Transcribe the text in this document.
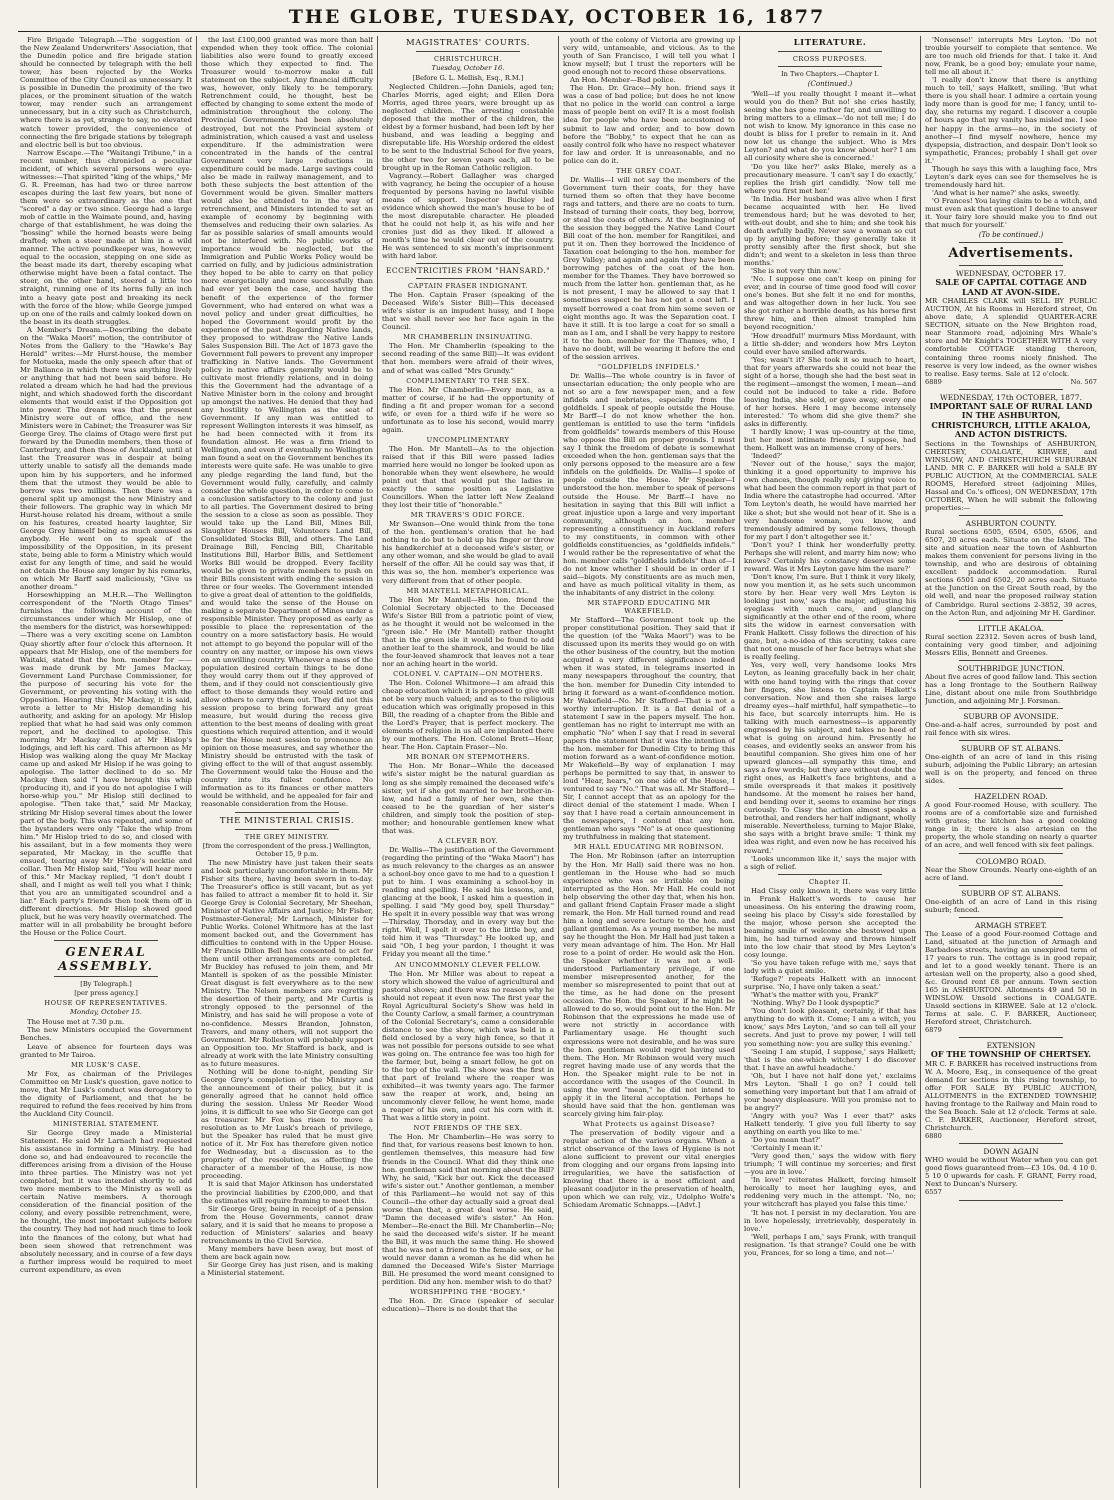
THE GLOBE, TUESDAY, OCTOBER 16, 1877

Fire Brigade Telegraph.—The suggestion of the New Zealand Underwriters' Association, that the Dunedin police and fire brigade station should be connected by telegraph with the bell tower, has been rejected by the Works Committee of the City Council as unnecessary. It is possible in Dunedin the proximity of the two places, or the prominent situation of the watch tower, may render such an arrangement unnecessary, but in a city such as Christchurch, where there is as yet, strange to say, no elevated watch tower provided, the convenience of connecting the fire brigade stations by telegraph and electric bell is but too obvious.

Narrow Escape.—The "Waitangi Tribune," in a recent number, thus chronicled a peculiar incident, of which several persons were eye-witnesses:—That spirited "king of the whips," Mr G. R. Freeman, has had two or three narrow escapes during the last few years, but none of them were so extraordinary as the one that "scored" a day or two since. George had a large mob of cattle in the Waimate pound, and, having charge of that establishment, he was doing the "bossing" while the horned beasts were being drafted; when a steer made at him in a wild manner. The active poundkeeper was, however, equal to the occasion, stepping on one side as the beast made its dart, thereby escaping what otherwise might have been a fatal contact. The steer, on the other hand, steered a little too straight, running one of its horns fully an inch into a heavy gate post and breaking its neck with the force of the blow; while George jumped up on one of the rails and calmly looked down on the beast in its death struggles.

A Member's Dream.—Describing the debate on the "Waka Maori" motion, the contributor of Notes from the Gallery to the "Hawke's Bay Herald" writes:—Mr Hurst-house, the member for Motueka, made the only speech after that of Mr Ballance in which there was anything lively or anything that had not been said before. He related a dream which he had had the previous night, and which shadowed forth the discordant elements that would exist if the Opposition got into power. The dream was that the present Ministry were out of office, and the new Ministers were in Cabinet; the Treasurer was Sir George Grey. The claims of Otago were first put forward by the Dunedin members, then those of Canterbury, and then those of Auckland, until at last the Treasurer was in despair at being utterly unable to satisfy all the demands made upon him by his supporters, and he informed them that the utmost they would be able to borrow was two millions. Then there was a general split up amongst the new Ministry and their followers. The graphic way in which Mr Hurst-house related his dream, without a smile on his features, created hearty laughter, Sir George Grey himself being as much amused as anybody. He went on to speak of the impossibility of the Opposition, in its present state, being able to form a Ministry which would exist for any length of time, and said he would not detain the House any longer by his remarks, on which Mr Barff said maliciously, "Give us another dream."

Horsewhipping an M.H.R.—The Wellington correspondent of the "North Otago Times" furnishes the following account of the circumstances under which Mr Hislop, one of the members for the district, was horsewhipped:—There was a very exciting scene on Lambton Quay shortly after four o'clock this afternoon. It appears that Mr Hislop, one of the members for Waitaki, stated that the hon. member for —— was made drunk by Mr James Mackay, Government Land Purchase Commissioner, for the purpose of securing his vote for the Government, or preventing his voting with the Opposition. Hearing this, Mr Mackay, it is said, wrote a letter to Mr Hislop demanding his authority, and asking for an apology. Mr Hislop replied that what he had said was only common report, and he declined to apologise. This morning Mr Mackay called at Mr Hislop's lodgings, and left his card. This afternoon as Mr Hislop was walking along the quay Mr Mackay came up and asked Mr Hislop if he was going to apologise. The latter declined to do so. Mr Mackay then said "I have brought this whip (producing it), and if you do not apologise I will horse-whip you." Mr Hislop still declined to apologise. "Then take that," said Mr Mackay, striking Mr Hislop several times about the lower part of the body. This was repeated, and some of the bystanders were only "Take the whip from him." Mr Hislop tried to do so, and closed with his assailant, but in a few moments they were separated, Mr Mackay, in the scuffle that ensued, tearing away Mr Hislop's necktie and collar. Then Mr Hislop said, "You will hear more of this." Mr Mackay replied, "I don't doubt I shall, and I might as well tell you what I think; that you are an unmitigated scoundrel and a liar." Each party's friends then took them off in different directions. Mr Hislop showed good pluck, but he was very heavily overmatched. The matter will in all probability be brought before the House or the Police Court.

GENERAL ASSEMBLY.
[By Telegraph.]
[per press agency.]
HOUSE OF REPRESENTATIVES.
Monday, October 15.

The House met at 7.30 p.m.

The new Ministers occupied the Government Benches.

Leave of absence for fourteen days was granted to Mr Tairoa.

MR LUSK'S CASE.

Mr Fox, as chairman of the Privileges Committee on Mr Lusk's question, gave notice to move, that Mr Lusk's conduct was derogatory to the dignity of Parliament, and that he be required to refund the fees received by him from the Auckland City Council.

MINISTERIAL STATEMENT.

Sir George Grey made a Ministerial Statement. He said Mr Larnach had requested his assistance in forming a Ministry. He had done so, and had endeavoured to reconcile the differences arising from a division of the House into three parties. The Ministry was not yet completed, but it was intended shortly to add two more members to the Ministry as well as certain Native members. A thorough consideration of the financial position of the colony, and every possible retrenchment, were, he thought, the most important subjects before the country. They had not had much time to look into the finances of the colony, but what had been seen showed that retrenchment was absolutely necessary, and in course of a few days a further impress would be required to meet current expenditure, as even

the last £100,000 granted was more than half expended when they took office. The colonial liabilities also were found to greatly exceed those which they expected to find. The Treasurer would to-morrow make a full statement on the subject. Any financial difficulty was, however, only likely to be temporary. Retrenchment could, he thought, best be effected by changing to some extent the mode of administration throughout the colony. The Provincial Governments had been absolutely destroyed, but not the Provincial system of administration, which caused a vast and useless expenditure. If the administration were concentrated in the hands of the central Government very large reductions in expenditure could be made. Large savings could also be made in railway management, and to both these subjects the best attention of the Government would be given. Smaller matters would also be attended to in the way of retrenchment, and Ministers intended to set an example of economy by beginning with themselves and reducing their own salaries. As far as possible salaries of small amounts would not be interfered with. No public works of importance would be neglected, but the Immigration and Public Works Policy would be carried on fully, and by judicious administration they hoped to be able to carry on that policy more energetically and more successfully than had ever yet been the case, and having the benefit of the experience of the former Government, who had entered on what was a novel policy and under great difficulties, he hoped the Government would profit by the experience of the past. Regarding Native lands, they proposed to withdraw the Native Lands Sales Suspension Bill. The Act of 1873 gave the Government full powers to prevent any improper trafficking in Native lands. The Government policy in native affairs generally would be to cultivate most friendly relations, and in doing this the Government had the advantage of a Native Minister born in the colony and brought up amongst the natives. He denied that they had any hostility to Wellington as the seat of Government. If any man was entitled to represent Wellington interests it was himself, as he had been connected with it from its foundation almost. He was a firm friend to Wellington, and even if eventually no Wellington man found a seat on the Government benches its interests were quite safe. He was unable to give any pledge regarding the land fund, but the Government would fully, carefully, and calmly consider the whole question, in order to come to a conclusion satisfactory to the colony and just to all parties. The Government desired to bring the session to a close as soon as possible. They would take up the Land Bill, Mines Bill, Slaughter Houses Bill, Volunteers Land Bill, Consolidated Stocks Bill, and others. The Land Drainage Bill, Fencing Bill, Charitable Institutions Bill, Harbor Bills, and Settlement Works Bill would be dropped. Every facility would be given to private members to push on their Bills consistent with ending the session in three or four weeks. The Government intended to give a great deal of attention to the goldfields, and would take the sense of the House on making a separate Department of Mines under a responsible Minister. They proposed as early as possible to place the representation of the country on a more satisfactory basis. He would not attempt to go beyond the popular will of the country on any matter, or impose his own views on an unwilling country. Whenever a mass of the population desired certain things to be done they would carry them out if they approved of them, and if they could not conscientiously give effect to those demands they would retire and allow others to carry them out. They did not this session propose to bring forward any great measure, but would during the recess give attention to the best means of dealing with great questions which required attention, and it would be for the House next session to pronounce an opinion on those measures, and say whether the Ministry should be entrusted with the task of giving effect to the will of that august assembly. The Government would take the House and the country into its fullest confidence. No information as to its finances or other matters would be withheld, and he appealed for fair and reasonable consideration from the House.

THE MINISTERIAL CRISIS.
THE GREY MINISTRY.
[from the correspondent of the press.] Wellington, October 15, 9 p.m.

The new Ministry have just taken their seats and look particularly uncomfortable in them. Mr Fisher sits there, having been sworn in to-day. The Treasurer's office is still vacant, but as yet has failed to attract a member fit to hold it. Sir George Grey is Colonial Secretary, Mr Sheehan, Minister of Native Affairs and Justice; Mr Fisher, Postmaster-General; Mr Larnach, Minister for Public Works. Colonel Whitmore has at the last moment backed out, and the Government has difficulties to contend with in the Upper House. Mr Francis Dillon Bell has consented to act for them until other arrangements are completed. Mr Buckley has refused to join them, and Mr Mantell is spoken of as the possible Minister. Great disgust is felt everywhere as to the new Ministry. The Nelson members are regretting the desertion of their party, and Mr Curtis is strongly opposed to the personnel of the Ministry, and has said he will propose a vote of no-confidence. Messrs Brandon, Johnston, Travers, and many others, will not support the Government. Mr Rolleston will probably support an Opposition too. Mr Stafford is back, and is already at work with the late Ministry consulting as to future measures.

Nothing will be done to-night, pending Sir George Grey's completion of the Ministry and the announcement of their policy, but it is generally agreed that he cannot hold office during the session. Unless Mr Reeder Wood joins, it is difficult to see who Sir George can get as treasurer. Mr Fox has risen to move a resolution as to Mr Lusk's breach of privilege, but the Speaker has ruled that he must give notice of it. Mr Fox has therefore given notice for Wednesday, but a discussion as to the propriety of the resolution, as affecting the character of a member of the House, is now proceeding.

It is said that Major Atkinson has understated the provincial liabilities by £200,000, and that the estimates will require framing to meet this.

Sir George Grey, being in receipt of a pension from the House Governments, cannot draw salary, and it is said that he means to propose a reduction of Ministers' salaries and heavy retrenchments in the Civil Service.

Many members have been away, but most of them are back again now.

Sir George Grey has just risen, and is making a Ministerial statement.

MAGISTRATES' COURTS.
CHRISTCHURCH.
Tuesday, October 16.
[Before G. L. Mellish, Esq., R.M.]

Neglected Children.—John Daniels, aged ten; Charles Morris, aged eight; and Ellen Dora Morris, aged three years, were brought up as neglected children. The arresting constable deposed that the mother of the children, the eldest by a former husband, had been left by her husband, and was leading a begging and disreputable life. His Worship ordered the eldest to be sent to the Industrial School for five years, the other two for seven years each, all to be brought up in the Roman Catholic religion.

Vagrancy.—Robert Gallagher was charged with vagrancy, he being the occupier of a house frequented by persons having no lawful visible means of support. Inspector Buckley led evidence which showed the man's house to be of the most disreputable character. He pleaded that he could not help it, as his wife and her cronies just did as they liked. If allowed a month's time he would clear out of the country. He was sentenced to six month's imprisonment with hard labor.

ECCENTRICITIES FROM "HANSARD."
CAPTAIN FRASER INDIGNANT.

The Hon. Captain Fraser (speaking of the Deceased Wife's Sister Bill)—This deceased wife's sister is an impudent hussy, and I hope that we shall never see her face again in the Council.

MR CHAMBERLIN INSINUATING.

The Hon. Mr Chamberlin (speaking to the second reading of the same Bill)—It was evident that hon. members were afraid of their wives, and of what was called "Mrs Grundy."

COMPLIMENTARY TO THE SEX.

The Hon. Mr Chamberlin—Every man, as a matter of course, if he had the opportunity of finding a fit and proper woman for a second wife, or even for a third wife if he were so unfortunate as to lose his second, would marry again.

UNCOMPLIMENTARY

The Hon. Mr Mantell—As to the objection raised that if this Bill were passed ladies married here would no longer be looked upon as honorable when they went elsewhere, he would point out that that would put the ladies in exactly the same position as Legislative Councillors. When the latter left New Zealand they lost their title of "honorable."

MR TRAVERS'S ODIC FORCE.

Mr Swanson—One would think from the tone of the hon. gentleman's oration that he had nothing to do but to hold up his finger or throw his handkerchief at a deceased wife's sister, or any other woman, and she would be glad to avail herself of the offer. All he could say was that, if this was so, the hon. member's experience was very different from that of other people.

MR MANTELL METAPHORICAL.

The Hon Mr Mantell—His hon. friend the Colonial Secretary objected to the Deceased Wife's Sister Bill from a patriotic point of view, as he thought it would not be welcomed in the "green isle." He (Mr Mantell) rather thought that in the green isle it would be found to add another leaf to the shamrock, and would be like the four-leaved shamrock that leaves not a tear nor an aching heart in the world.

COLONEL V. CAPTAIN—ON MOTHERS.

The Hon. Colonel Whitmore—I am afraid this cheap education which it is proposed to give will not be very much valued; and as to the religious education which was originally proposed in this Bill, the reading of a chapter from the Bible and the Lord's Prayer, that is perfect mockery. The elements of religion in us all are implanted there by our mothers. The Hon. Colonel Brett—Hear, hear. The Hon. Captain Fraser—No.

MR BONAR ON STEPMOTHERS.

The Hon. Mr Bonar—While the deceased wife's sister might be the natural guardian as long as she simply remained the deceased wife's sister, yet if she got married to her brother-in-law, and had a family of her own, she then ceased to be the guardian of her sister's children, and simply took the position of step-mother; and honourable gentlemen knew what that was.

A CLEVER BOY.

Dr. Wallis—The justification of the Government (regarding the printing of the "Waka Maori") has as much relevancy to the charges as an answer a school-boy once gave to me had to a question I put to him. I was examining a school-boy in reading and spelling. He said his lessons, and, glancing at the book, I asked him a question in spelling. I said "My good boy, spell Thursday." He spelt it in every possible way that was wrong—Thirsday, Thorsday, and in every way but the right. Well, I spelt it over to the little boy, and told him it was "Thursday." He looked up, and said "Oh, I beg your pardon, I thought it was Friday you meant all the time."

AN UNCOMMONLY CLEVER FELLOW.

The Hon. Mr Miller was about to repeat a story which showed the value of agricultural and pastoral shows; and there was no reason why he should not repeat it even now. The first year the Royal Agricultural Society's Show was held in the County Carlow, a small farmer, a countryman of the Colonial Secretary's, came a considerable distance to see the show, which was held in a field enclosed by a very high fence, so that it was not possible for persons outside to see what was going on. The entrance fee was too high for the farmer, but, being a smart fellow, he got on to the top of the wall. The show was the first in that part of Ireland where the reaper was exhibited—it was twenty years ago. The farmer saw the reaper at work, and, being an uncommonly clever fellow, he went home, made a reaper of his own, and cut his corn with it. That was a little story in point.

NOT FRIENDS OF THE SEX.

The Hon. Mr Chamberlin—He was sorry to find that, for various reasons best known to hon. gentlemen themselves, this measure had few friends in the Council. What did they think one hon. gentleman said that morning about the Bill? Why, he said, "Kick her out. Kick the deceased wife's sister out." Another gentleman, a member of this Parliament—he would not say of this Council—the other day actually said a great deal worse than that, a great deal worse. He said, "Damn the deceased wife's sister." An Hon. Member—Re-enact the Bill. Mr Chamberlin—No; he said the deceased wife's sister. If he meant the Bill, it was much the same thing. He showed that he was not a friend to the female sex, or he would never damn a woman as he did when he damned the Deceased Wife's Sister Marriage Bill. He presumed the word meant consigned to perdition. Did any hon. member wish to do that?

WORSHIPPING THE "BOGEY."

The Hon. Dr. Grace (speaker of secular education)—There is no doubt that the

youth of the colony of Victoria are growing up very wild, untameable, and vicious. As to the youth of San Francisco, I will tell you what I know myself; but I trust the reporters will be good enough not to record these observations.

An Hon. Member—Bad police.

The Hon. Dr. Grace—My hon. friend says it was a case of bad police; but does he not know that no police in the world can control a large mass of people bent on evil? It is a most foolish idea for people who have been accustomed to submit to law and order, and to bow down before the "Bobby," to expect that he can as easily control folk who have no respect whatever for law and order. It is unreasonable, and no police can do it.

THE GREY COAT.

Dr. Wallis—I will not say the members of the Government turn their coats, for they have turned them so often that they have become rags and tatters, and there are no coats to turn. Instead of turning their coats, they beg, borrow, or steal the coats of others. At the beginning of the session they begged the Native Land Court Bill coat of the hon. member for Rangitikei, and put it on. Then they borrowed the Incidence of Taxation coat belonging to the hon. member for Grey Valley; and again and again they have been borrowing patches of the coat of the hon. member for the Thames. They have borrowed so much from the latter hon. gentleman that, as he is not present, I may be allowed to say that I sometimes suspect he has not got a coat left. I myself borrowed a coat from him some seven or eight months ago. It was the Separation coat. I have it still. It is too large a coat for so small a man as I am, and I shall be very happy to restore it to the hon. member for the Thames, who, I have no doubt, will be wearing it before the end of the session arrives.

"GOLDFIELDS INFIDELS."

Dr. Wallis—The whole country is in favor of unsectarian education; the only people who are not so are a few newspaper men, and a few infidels and inebriates, especially from the goldfields. I speak of people outside the House. Mr Barff—I do not know whether the hon. gentleman is entitled to use the term "infidels from goldfields" towards members of this House who oppose the Bill on proper grounds. I must say I think the freedom of debate is somewhat exceeded when the hon. gentleman says that the only persons opposed to the measure are a few infidels on the goldfields. Dr. Wallis—I spoke of people outside the House. Mr Speaker—I understood the hon. member to speak of persons outside the House. Mr Barff—I have no hesitation in saying that this Bill will inflict a great injustice upon a large and very important community, although an hon. member representing a constituency in Auckland refers to my constituents, in common with other goldfields constituencies, as "goldfields infidels." I would rather be the representative of what the hon. member calls "goldfields infidels" than of—I do not know whether I should be in order if I said—bigots. My constituents are as much men, and have as much political vitality in them, as the inhabitants of any district in the colony.

MR STAFFORD EDUCATING MR WAKEFIELD.

Mr Stafford—The Government took up the proper constitutional position. They said that if the question (of the "Waka Maori") was to be discussed upon its merits they would go on with the other business of the country, but the motion acquired a very different significance indeed when it was stated, in telegrams inserted in many newspapers throughout the country, that the hon. member for Dunedin City intended to bring it forward as a want-of-confidence motion. Mr Wakefield—No. Mr Stafford—That is not a worthy interruption. It is a flat denial of a statement I saw in the papers myself. The hon. gentleman has no right to interrupt me with an emphatic "No" when I say that I read in several papers the statement that it was the intention of the hon. member for Dunedin City to bring this motion forward as a want-of-confidence motion. Mr Wakefield—By way of explanation I may perhaps be permitted to say that, in answer to loud "Hear, hears," on one side of the House, I ventured to say "No." That was all. Mr Stafford—Sir, I cannot accept that as an apology for the direct denial of the statement I made. When I say that I have read a certain announcement in the newspapers, I contend that any hon. gentleman who says "No" is at once questioning my truthfulness in making that statement.

MR HALL EDUCATING MR ROBINSON.

The Hon. Mr Robinson (after an interruption by the Hon. Mr Hall) said there was no hon. gentleman in the House who had so much experience who was so irritable on being interrupted as the Hon. Mr Hall. He could not help observing the other day that, when his hon. and gallant friend Captain Fraser made a slight remark, the Hon. Mr Hall turned round and read him a long and severe lecture to the hon. and gallant gentleman. As a young member, he must say he thought the Hon. Mr Hall had just taken a very mean advantage of him. The Hon. Mr Hall rose to a point of order. He would ask the Hon. the Speaker whether it was not a well-understood Parliamentary privilege, if one member misrepresented another, for the member so misrepresented to point that out at the time, as he had done on the present occasion. The Hon. the Speaker, if he might be allowed to do so, would point out to the Hon. Mr Robinson that the expressions he made use of were not strictly in accordance with Parliamentary usage. He thought such expressions were not desirable, and he was sure the hon. gentleman would regret having used them. The Hon. Mr Robinson would very much regret having made use of any words that the Hon. the Speaker might rule to be not in accordance with the usages of the Council. In using the word "mean," he did not intend to apply it in the literal acceptation. Perhaps he should have said that the hon. gentleman was scarcely giving him fair-play.

What Protects us against Disease?

The preservation of bodily vigour and a regular action of the various organs. When a strict observance of the laws of Hygiene is not alone sufficient to prevent our vital energies from clogging and our organs from lapsing into irregularities, we have the satisfaction of knowing that there is a most efficient and pleasant coadjutor in the preservation of health, upon which we can rely, viz., Udolpho Wolfe's Schiedam Aromatic Schnapps.—[Advt.]

LITERATURE.
CROSS PURPOSES.
In Two Chapters.—Chapter I.
(Continued.)

'Well—if you really thought I meant it—what would you do then? But no! she cries hastily, seeing she has gone rather far, and unwilling to bring matters to a climax—'do not tell me; I do not wish to know. My ignorance in this case no doubt is bliss for I prefer to remain in it. And now let us change the subject. Who is Mrs Leyton? and what do you know about her? I am all curiosity where she is concerned.'

'Do you like her?' asks Blake, merely as a precautionary measure. 'I can't say I do exactly,' replies the Irish girl candidly. 'Now tell me where you first met her.'

'In India. Her husband was alive when I first became acquainted with her. He lived tremendous hard; but he was devoted to her, with-out doubt, and she to him; and she took his death awfully badly. Never saw a woman so cut up by anything before; they generally take it pretty sensibly after the first shock, but she didn't; and went to a skeleton in less than three months.'

'She is not very thin now.'

'No. I suppose one can't keep on pining for ever, and in course of time good food will cover one's bones. But she felt it no end for months, and was altogether down in her luck. You see she got rather a horrible death, as his horse first threw him, and then almost trampled him beyond recognition.'

'How dreadful!' murmurs Miss Mordaunt, with a little sh-dder; and wonders how Mrs Leyton could ever have smiled afterwards.

'Yes; wasn't it? She took it so much to heart, that for years afterwards she could not bear the sight of a horse, though she had the best seat in the regiment—amongst the women, I mean—and could not be induced to take a ride. Before leaving India, she sold, or gave away, every one of her horses. Here I may become intensely interested.' 'To whom did she give them?' she asks in differently.

'I hardly know; I was up-country at the time, but her most intimate friends, I suppose, had them. Halkett was an immense crony of hers.'

'Indeed?'

'Never out of the house,' says the major, thinking it a good opportunity to improve his own chances, though really only giving voice to what had been the common report in that part of India where the catastrophe had occurred. 'After Tom Leyton's death, he would have married her like a shot; but she would not hear of it. She is a very handsome woman, you know, and tremendously admired by some fellows, though for my part I don't altogether see it.'

'Don't you? I think her wonderfully pretty. Perhaps she will relent, and marry him now; who knows? Certainly his constancy deserves some reward. Was it Mrs Leyton gave him the mare?'

'Don't know, I'm sure. But I think it very likely, now you mention it, as he sets such uncommon store by her. Hear very well Mrs Leyton is looking just now,' says the major, adjusting his eyeglass with much care, and glancing significantly at the other end of the room, where sits the widow in earnest conversation with Frank Halkett. Cissy follows the direction of his gaze, but, a-no-idea of this scrutiny, takes care that not one muscle of her face betrays what she is really feeling.

Yes, very well, very handsome looks Mrs Leyton, as leaning gracefully back in her chair, with one hand toying with the rings that cover her fingers, she listens to Captain Halkett's conversation. Now and then she raises large dreamy eyes—half mirthful, half sympathetic—to his face, but scarcely interrupts him. He is talking with much earnestness—is apparently engrossed by his subject, and takes no heed of what is going on around him. Presently he ceases, and evidently seeks an answer from his beautiful companion. She gives him one of her upward glances—all sympathy this time, and says a few words; but they are without doubt the right ones, as Halkett's face brightens, and a smile overspreads it that makes it positively handsome. At the moment he raises her hand, and bending over it, seems to examine her rings curiously. To Cissy the action almost speaks a betrothal, and renders her half indignant, wholly miserable. Nevertheless, turning to Major Blake, she says with a bright brave smile: 'I think my idea was right, and even now he has received his reward.'

'Looks uncommon like it,' says the major with a sigh of relief.

Chapter II.

Had Cissy only known it, there was very little in Frank Halkett's words to cause her uneasiness. On his entering the drawing room, seeing his place by Cissy's side forestalled by the major, whose person she accepted the beaming smile of welcome she bestowed upon him, he had turned away and thrown himself into the low chair that stood by Mrs Leyton's cosy lounge.

'So you have taken refuge with me,' says that lady with a quiet smile.

'Refuge?' repeats Halkett with an innocent surprise. 'No, I have only taken a seat.'

'What's the matter with you, Frank?'

'Nothing. Why? Do I look dyspeptic?'

'You don't look pleasant, certainly, if that has anything to do with it. Come; I am a witch, you know,' says Mrs Leyton, 'and so can tell all your secrets. And just to prove my power, I will tell you something now: you are sulky this evening.'

'Seeing I am stupid, I suppose,' says Halkett; 'that is the one-which witchery I do discover that. I have an awful headache.'

'Oh, but I have not half done yet,' exclaims Mrs Leyton. 'Shall I go on? I could tell something very important but that I am afraid of your heavy displeasure. Will you promise not to be angry?'

'Angry with you? Was I ever that?' asks Halkett tenderly. 'I give you full liberty to say anything on earth you like to me.'

'Do you mean that?'

'Certainly I mean it.'

'Very good then,' says the widow with fiery triumph; 'I will continue my sorceries; and first—you are in love.'

'In love!' reiterates Halkett, forcing himself heroically to meet her laughing eyes, and reddening very much in the attempt. 'No, no; your witchcraft has played you false this time.'

'It has not. I persist in my declaration. You are in love hopelessly, irretrievably, desperately in love.'

'Well, perhaps I am,' says Frank, with tranquil resignation. 'Is that strange? Could one be with you, Frances, for so long a time, and not—'

'Nonsense!' interrupts Mrs Leyton. 'Do not trouble yourself to complete that sentence. We are too much old friends for that. I take it. And now, Frank, be a good boy; emulate your name, tell me all about it.'

'I really don't know that there is anything much to tell,' says Halkett, smiling. 'But what there is you shall hear. I admire a certain young lady more than is good for me; I fancy, until to-day, she returns my regard. I discover a couple of hours ago that my vanity has misled me. I see her happy in the arms—no, in the society of another—I find myself nowhere, hence my dyspepsia, distraction, and despair. Don't look so sympathetic, Frances; probably I shall get over it.'

Though he says this with a laughing face, Mrs Leyton's dark eyes can see for themselves he is tremendously hard hit.

'And what is her name?' she asks, sweetly.

'O Frances! You laying claim to be a witch, and must even ask that question! I decline to answer it. Your fairy lore should make you to find out that much for yourself.'

(To be continued.)
Advertisements.
WEDNESDAY, OCTOBER 17.

SALE OF CAPITAL COTTAGE AND LAND AT AVON-SIDE.

MR CHARLES CLARK will SELL BY PUBLIC AUCTION, At his Rooms in Hereford street, On above date, A splendid QUARTER-ACRE SECTION, situate on the New Brighton road, near Stanmore road, adjoining Mrs Whale's store and Mr Knight's TOGETHER WITH A very comfortable COTTAGE standing thereon, containing three rooms nicely finished. The reserve is very low indeed, as the owner wishes to realise. Easy terms. Sale at 12 o'clock.

6889	No. 567
WEDNESDAY, 17th OCTOBER, 1877.

IMPORTANT SALE OF RURAL LAND IN THE ASHBURTON, CHRISTCHURCH, LITTLE AKALOA, AND ACTON DISTRICTS.

Sections in the Townships of ASHBURTON, CHERTSEY, COALGATE, KIRWEE, and WINSLOW, AND CHRISTCHURCH SUBURBAN LAND. MR C. F. BARKER will hold a SALE BY PUBLIC AUCTION, At the COMMERCIAL SALE ROOMS, Hereford street (adjoining Miles, Hassal and Co.'s offices), ON WEDNESDAY, 17th OCTOBER, When he will submit the following properties:—

ASHBURTON COUNTY.

Rural sections 6505, 6504, 6505, 6506, and 6507, 20 acres each. Situate on the Island. The site and situation near the town of Ashburton makes them convenient for persons living in the township, and who are desirous of obtaining excellent paddock accommodation. Rural sections 6501 and 6502, 20 acres each. Situate at the Junction on the Great South road, by the old well, and near the proposed railway station of Cambridge. Rural sections 2-3852, 39 acres, on the Acton Run, and adjoining Mr H. Gardiner.

LITTLE AKALOA.

Rural section 22312. Seven acres of bush land, containing very good timber, and adjoining Messrs Ellis, Bennett and Greenes.

SOUTHBRIDGE JUNCTION.

About five acres of good fallow land. This section has a long frontage to the Southern Railway Line, distant about one mile from Southbridge Junction, and adjoining Mr J. Forsman.

SUBURB OF AVONSIDE.

One-and-a-half acres, surrounded by post and rail fence with six wires.

SUBURB OF ST. ALBANS.

One-eighth of an acre of land in this rising suburb, adjoining the Public Library; an artesian well is on the property, and fenced on three sides.

HAZELDEN ROAD.

A good Four-roomed House, with scullery. The rooms are of a comfortable size and furnished with grates; the kitchen has a good cooking range in it; there is also artesian on the property, the whole standing on nearly a quarter of an acre, and well fenced with six feet palings.

COLOMBO ROAD.

Near the Show Grounds. Nearly one-eighth of an acre of land.

SUBURB OF ST. ALBANS.

One-eighth of an acre of Land in this rising suburb; fenced.

ARMAGH STREET.

The Lease of a good Four-roomed Cottage and Land, situated at the junction of Armagh and Barbadoes streets, having an unexpired term of 17 years to run. The cottage is in good repair, and let to a good weekly tenant. There is an artesian well on the property, also a good shed, &c. Ground rent £8 per annum. Town section 165 in ASHBURTON. Allotments 49 and 50 in WINSLOW. Unsold sections in COALGATE. Unsold sections in KIRWEE. Sale at 12 o'clock. Terms at sale. C. F. BARKER, Auctioneer, Hereford street, Christchurch.

6879
EXTENSION

OF THE TOWNSHIP OF CHERTSEY.

MR C. F. BARKER has received instructions from W. A. Moore, Esq., in consequence of the great demand for sections in this rising township, to offer FOR SALE BY PUBLIC AUCTION, ALLOTMENTS in the EXTENDED TOWNSHIP, having frontage to the Railway and Main road to the Sea Beach. Sale at 12 o'clock. Terms at sale. C. F. BARKER, Auctioneer, Hereford street, Christchurch.

6880
DOWN AGAIN

WHO would be without Water when you can get good flows guaranteed from—£3 10s. 0d. 4 10 0. 5 10 0 upwards for cash. F. GRANT, Ferry road, Next to Duncan's Nursery.

6557
